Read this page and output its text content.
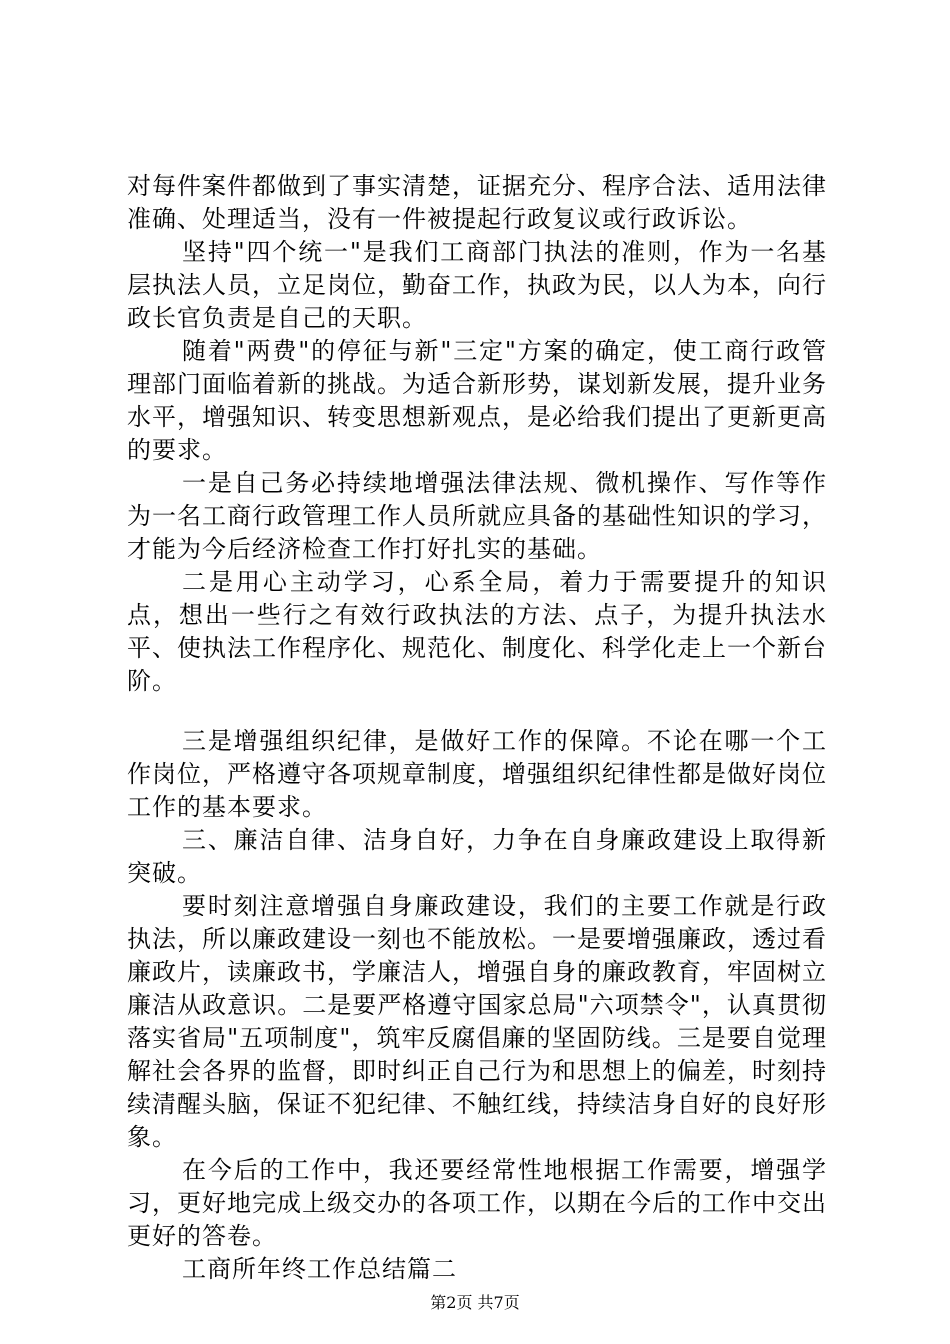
对每件案件都做到了事实清楚，证据充分、程序合法、适用法律准确、处理适当，没有一件被提起行政复议或行政诉讼。

坚持"四个统一"是我们工商部门执法的准则，作为一名基层执法人员，立足岗位，勤奋工作，执政为民，以人为本，向行政长官负责是自己的天职。

随着"两费"的停征与新"三定"方案的确定，使工商行政管理部门面临着新的挑战。为适合新形势，谋划新发展，提升业务水平，增强知识、转变思想新观点，是必给我们提出了更新更高的要求。

一是自己务必持续地增强法律法规、微机操作、写作等作为一名工商行政管理工作人员所就应具备的基础性知识的学习，才能为今后经济检查工作打好扎实的基础。

二是用心主动学习，心系全局，着力于需要提升的知识点，想出一些行之有效行政执法的方法、点子，为提升执法水平、使执法工作程序化、规范化、制度化、科学化走上一个新台阶。

三是增强组织纪律，是做好工作的保障。不论在哪一个工作岗位，严格遵守各项规章制度，增强组织纪律性都是做好岗位工作的基本要求。

三、廉洁自律、洁身自好，力争在自身廉政建设上取得新突破。

要时刻注意增强自身廉政建设，我们的主要工作就是行政执法，所以廉政建设一刻也不能放松。一是要增强廉政，透过看廉政片，读廉政书，学廉洁人，增强自身的廉政教育，牢固树立廉洁从政意识。二是要严格遵守国家总局"六项禁令"，认真贯彻落实省局"五项制度"，筑牢反腐倡廉的坚固防线。三是要自觉理解社会各界的监督，即时纠正自己行为和思想上的偏差，时刻持续清醒头脑，保证不犯纪律、不触红线，持续洁身自好的良好形象。

在今后的工作中，我还要经常性地根据工作需要，增强学习，更好地完成上级交办的各项工作，以期在今后的工作中交出更好的答卷。

工商所年终工作总结篇二

第2页 共7页
